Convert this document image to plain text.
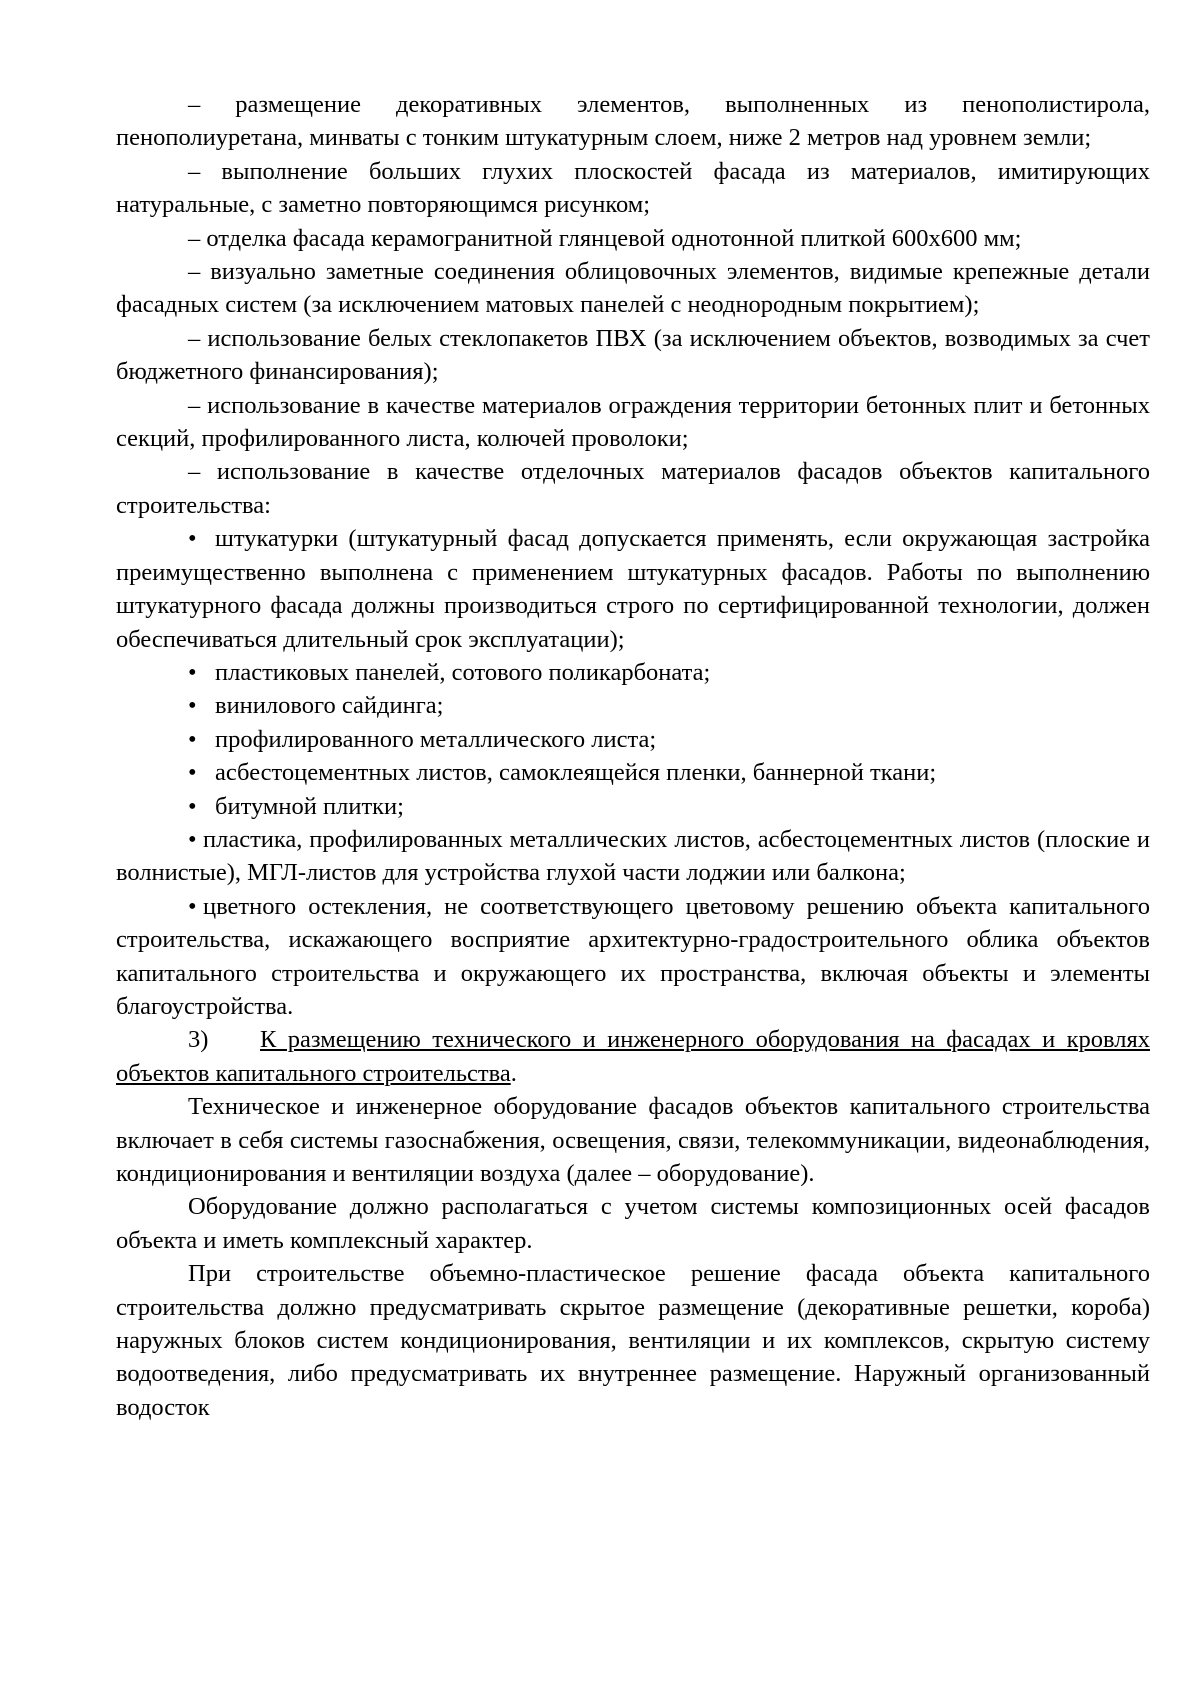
– размещение декоративных элементов, выполненных из пенополистирола, пенополиуретана, минваты с тонким штукатурным слоем, ниже 2 метров над уровнем земли;

– выполнение больших глухих плоскостей фасада из материалов, имитирующих натуральные, с заметно повторяющимся рисунком;

– отделка фасада керамогранитной глянцевой однотонной плиткой 600х600 мм;

– визуально заметные соединения облицовочных элементов, видимые крепежные детали фасадных систем (за исключением матовых панелей с неоднородным покрытием);

– использование белых стеклопакетов ПВХ (за исключением объектов, возводимых за счет бюджетного финансирования);

– использование в качестве материалов ограждения территории бетонных плит и бетонных секций, профилированного листа, колючей проволоки;

– использование в качестве отделочных материалов фасадов объектов капитального строительства:

• штукатурки (штукатурный фасад допускается применять, если окружающая застройка преимущественно выполнена с применением штукатурных фасадов. Работы по выполнению штукатурного фасада должны производиться строго по сертифицированной технологии, должен обеспечиваться длительный срок эксплуатации);

• пластиковых панелей, сотового поликарбоната;

• винилового сайдинга;

• профилированного металлического листа;

• асбестоцементных листов, самоклеящейся пленки, баннерной ткани;

• битумной плитки;

• пластика, профилированных металлических листов, асбестоцементных листов (плоские и волнистые), МГЛ-листов для устройства глухой части лоджии или балкона;

• цветного остекления, не соответствующего цветовому решению объекта капитального строительства, искажающего восприятие архитектурно-градостроительного облика объектов капитального строительства и окружающего их пространства, включая объекты и элементы благоустройства.

3) К размещению технического и инженерного оборудования на фасадах и кровлях объектов капитального строительства.

Техническое и инженерное оборудование фасадов объектов капитального строительства включает в себя системы газоснабжения, освещения, связи, телекоммуникации, видеонаблюдения, кондиционирования и вентиляции воздуха (далее – оборудование).

Оборудование должно располагаться с учетом системы композиционных осей фасадов объекта и иметь комплексный характер.

При строительстве объемно-пластическое решение фасада объекта капитального строительства должно предусматривать скрытое размещение (декоративные решетки, короба) наружных блоков систем кондиционирования, вентиляции и их комплексов, скрытую систему водоотведения, либо предусматривать их внутреннее размещение. Наружный организованный водосток
